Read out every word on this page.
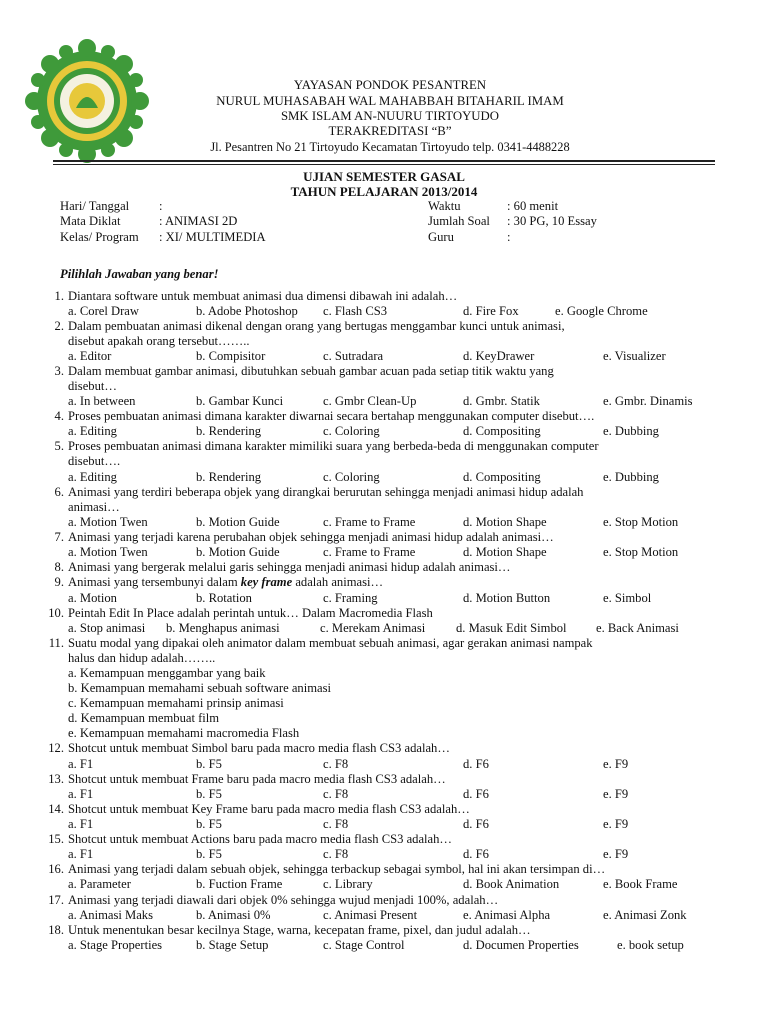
YAYASAN PONDOK PESANTREN
NURUL MUHASABAH WAL MAHABBAH BITAHARIL IMAM
SMK ISLAM AN-NUURU TIRTOYUDO
TERAKREDITASI “B”
Jl. Pesantren No 21 Tirtoyudo Kecamatan Tirtoyudo telp. 0341-4488228
UJIAN SEMESTER GASAL
TAHUN PELAJARAN 2013/2014
Hari/ Tanggal :
Mata Diklat	: ANIMASI 2D
Kelas/ Program : XI/ MULTIMEDIA
Waktu	: 60 menit
Jumlah Soal : 30 PG, 10 Essay
Guru	:
Pilihlah Jawaban yang benar!
1. Diantara software untuk membuat animasi dua dimensi dibawah ini adalah…
a. Corel Draw	b. Adobe Photoshop c. Flash CS3	d. Fire Fox	e. Google Chrome
2. Dalam pembuatan animasi dikenal dengan orang yang bertugas menggambar kunci untuk animasi,
disebut apakah orang tersebut……..
a. Editor	b. Compisitor	c. Sutradara	d. KeyDrawer	e. Visualizer
3. Dalam membuat gambar animasi, dibutuhkan sebuah gambar acuan pada setiap titik waktu yang
disebut…
a. In between	b. Gambar Kunci	c. Gmbr Clean-Up	d. Gmbr. Statik	e. Gmbr. Dinamis
4. Proses pembuatan animasi dimana karakter diwarnai secara bertahap menggunakan computer disebut….
a. Editing	b. Rendering	c. Coloring	d. Compositing	e. Dubbing
5. Proses pembuatan animasi dimana karakter mimiliki suara yang berbeda-beda di menggunakan computer
disebut….
a. Editing	b. Rendering	c. Coloring	d. Compositing	e. Dubbing
6. Animasi yang terdiri beberapa objek yang dirangkai berurutan sehingga menjadi animasi hidup adalah
animasi…
a. Motion Twen	b. Motion Guide	c. Frame to Frame	d. Motion Shape	e. Stop Motion
7. Animasi yang terjadi karena perubahan objek sehingga menjadi animasi hidup adalah animasi…
a. Motion Twen	b. Motion Guide	c. Frame to Frame	d. Motion Shape	e. Stop Motion
8. Animasi yang bergerak melalui garis sehingga menjadi animasi hidup adalah animasi…
9. Animasi yang tersembunyi dalam key frame adalah animasi…
a. Motion	b. Rotation	c. Framing	d. Motion Button	e. Simbol
10. Peintah Edit In Place adalah perintah untuk… Dalam Macromedia Flash
a. Stop animasi b. Menghapus animasi	c. Merekam Animasi d. Masuk Edit Simbol e. Back Animasi
11. Suatu modal yang dipakai oleh animator dalam membuat sebuah animasi, agar gerakan animasi nampak
halus dan hidup adalah……..
a. Kemampuan menggambar yang baik
b. Kemampuan memahami sebuah software animasi
c. Kemampuan memahami prinsip animasi
d. Kemampuan membuat film
e. Kemampuan memahami macromedia Flash
12. Shotcut untuk membuat Simbol baru pada macro media flash CS3 adalah…
a. F1	b. F5	c. F8	d. F6	e. F9
13. Shotcut untuk membuat Frame baru pada macro media flash CS3 adalah…
a. F1	b. F5	c. F8	d. F6	e. F9
14. Shotcut untuk membuat Key Frame baru pada macro media flash CS3 adalah…
a. F1	b. F5	c. F8	d. F6	e. F9
15. Shotcut untuk membuat Actions baru pada macro media flash CS3 adalah…
a. F1	b. F5	c. F8	d. F6	e. F9
16. Animasi yang terjadi dalam sebuah objek, sehingga terbackup sebagai symbol, hal ini akan tersimpan di…
a. Parameter	b. Fuction Frame	c. Library	d. Book Animation	e. Book Frame
17. Animasi yang terjadi diawali dari objek 0% sehingga wujud menjadi 100%, adalah…
a. Animasi Maks	b. Animasi 0%	c. Animasi Present	e. Animasi Alpha	e. Animasi Zonk
18. Untuk menentukan besar kecilnya Stage, warna, kecepatan frame, pixel, dan judul adalah…
a. Stage Properties	b. Stage Setup	c. Stage Control	d. Documen Properties	e. book setup
